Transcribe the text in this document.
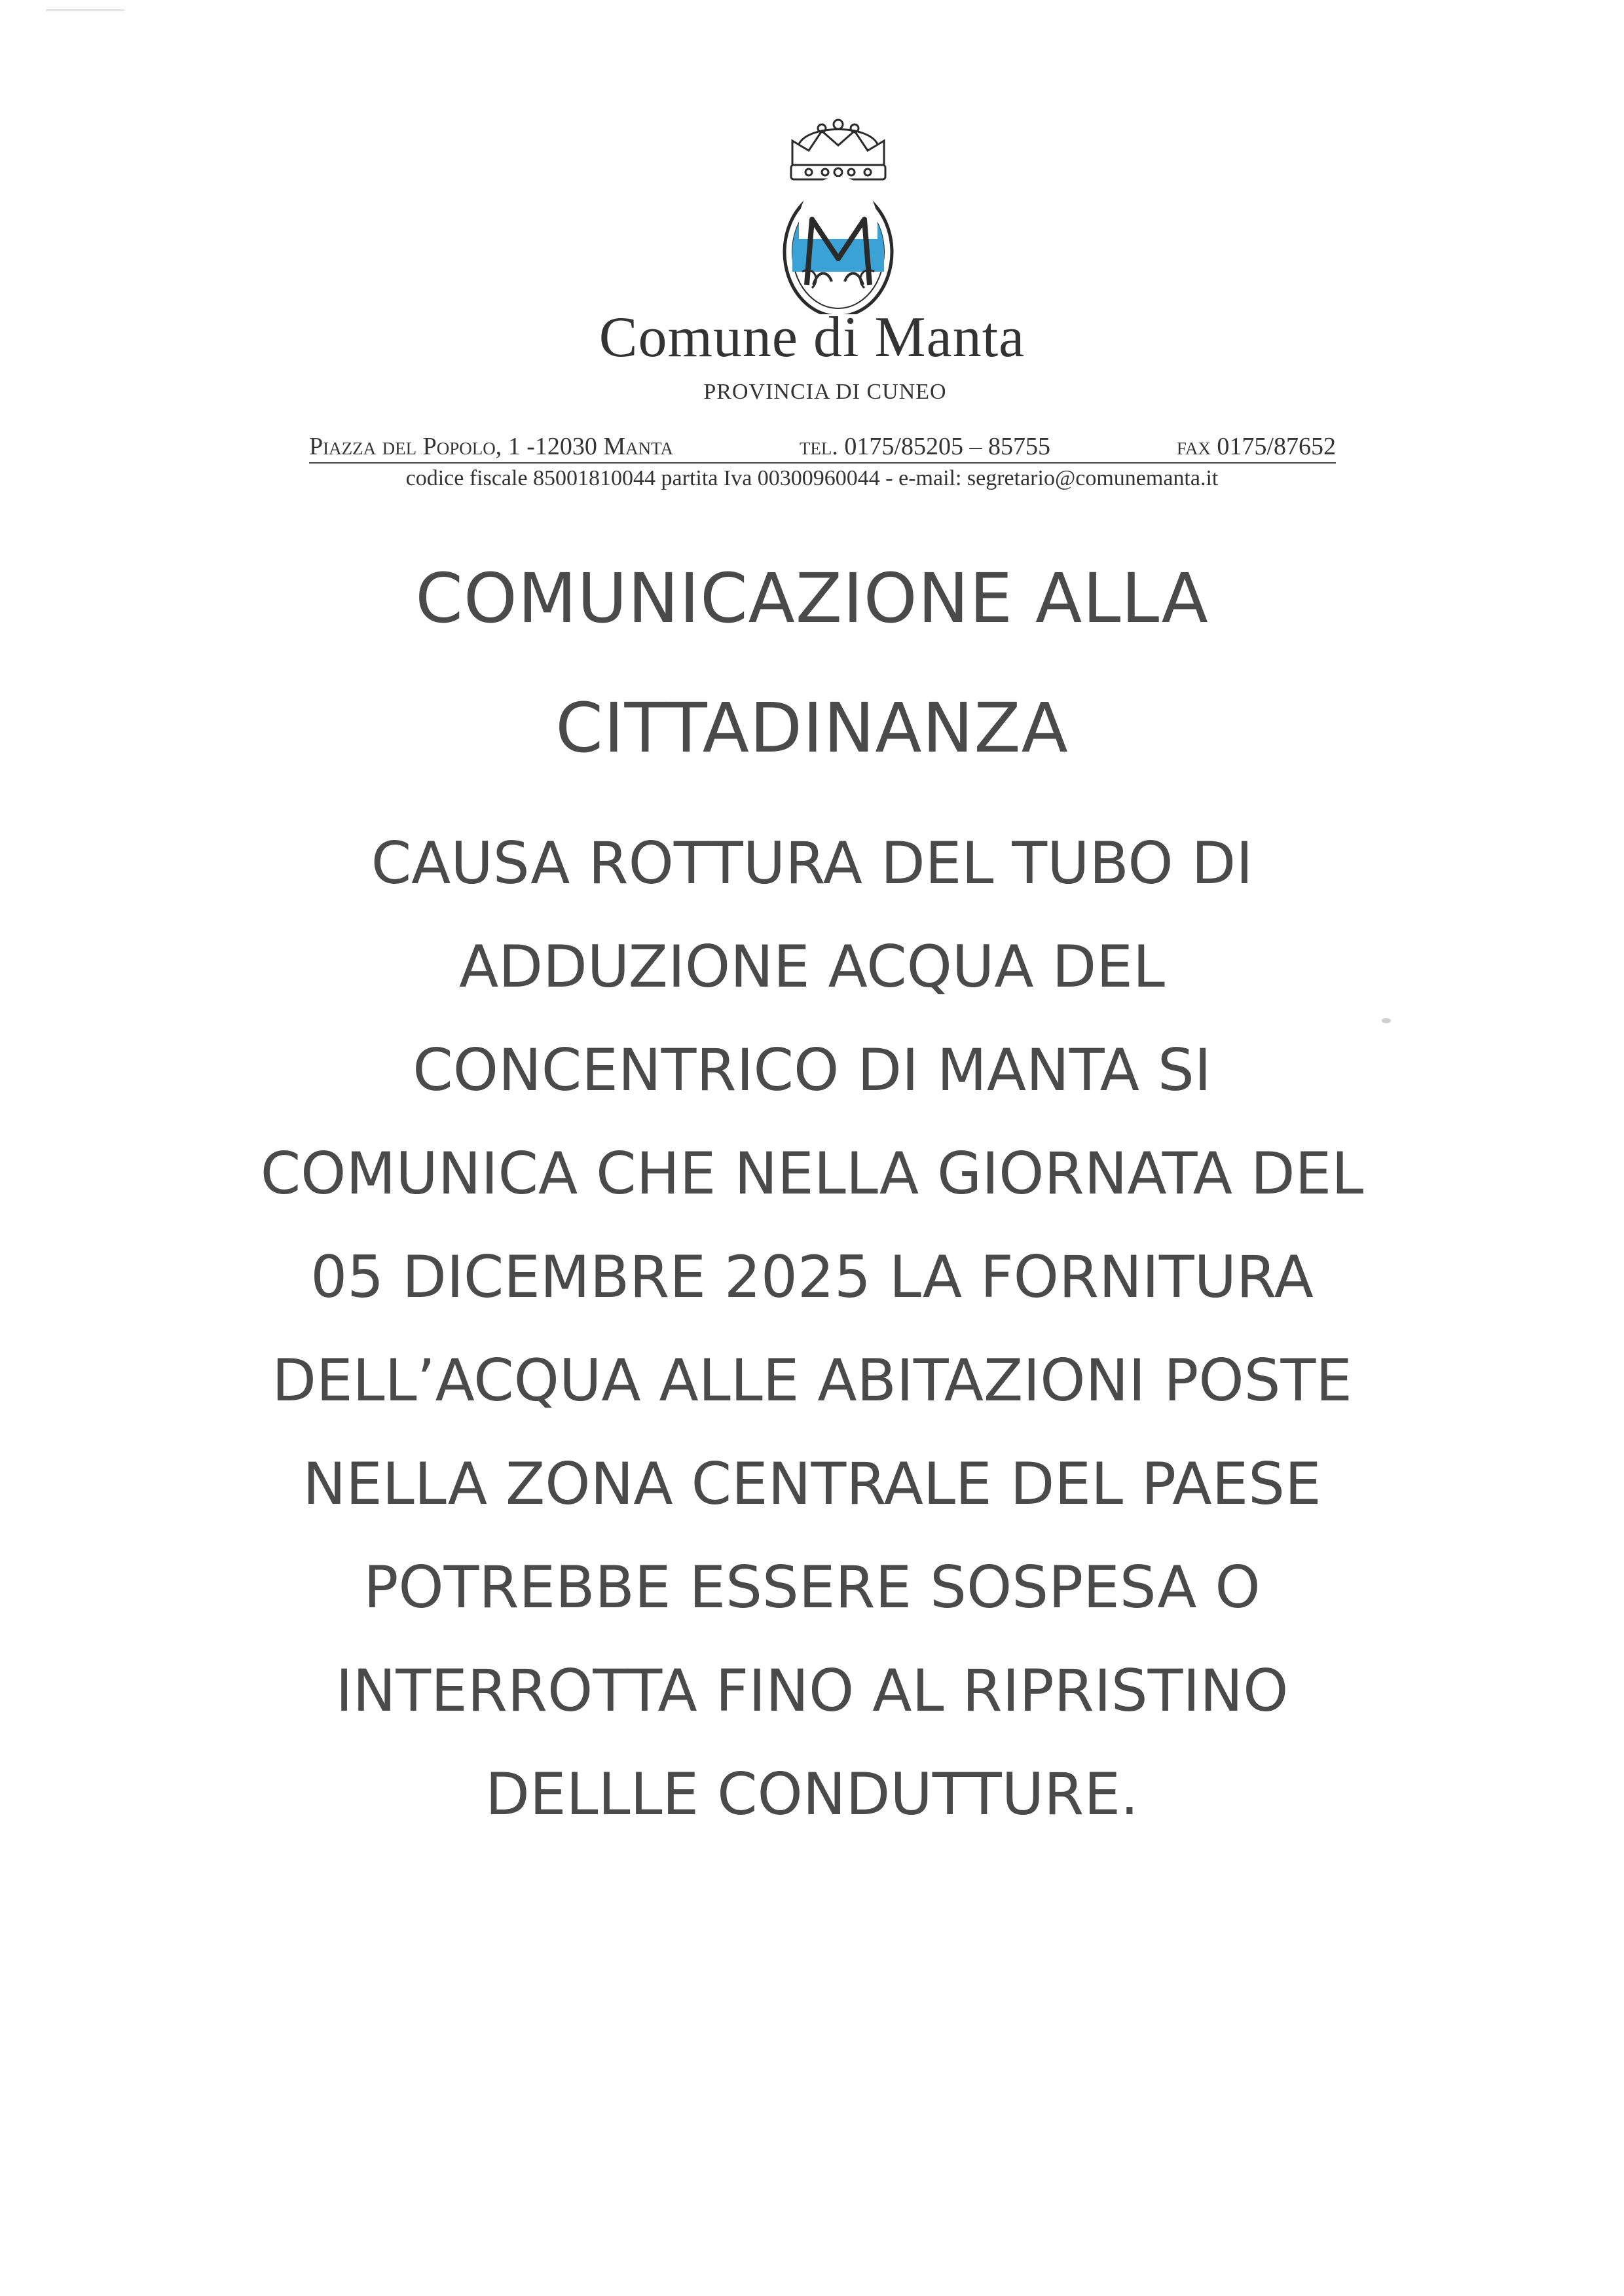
Comune di Manta
PROVINCIA DI CUNEO
Piazza del Popolo, 1 -12030 Manta	tel. 0175/85205 – 85755	fax 0175/87652
codice fiscale 85001810044 partita Iva 00300960044 - e-mail: segretario@comunemanta.it
COMUNICAZIONE ALLA
CITTADINANZA
CAUSA ROTTURA DEL TUBO DI
ADDUZIONE ACQUA DEL
CONCENTRICO DI MANTA SI
COMUNICA CHE NELLA GIORNATA DEL
05 DICEMBRE 2025 LA FORNITURA
DELL’ACQUA ALLE ABITAZIONI POSTE
NELLA ZONA CENTRALE DEL PAESE
POTREBBE ESSERE SOSPESA O
INTERROTTA FINO AL RIPRISTINO
DELLLE CONDUTTURE.
